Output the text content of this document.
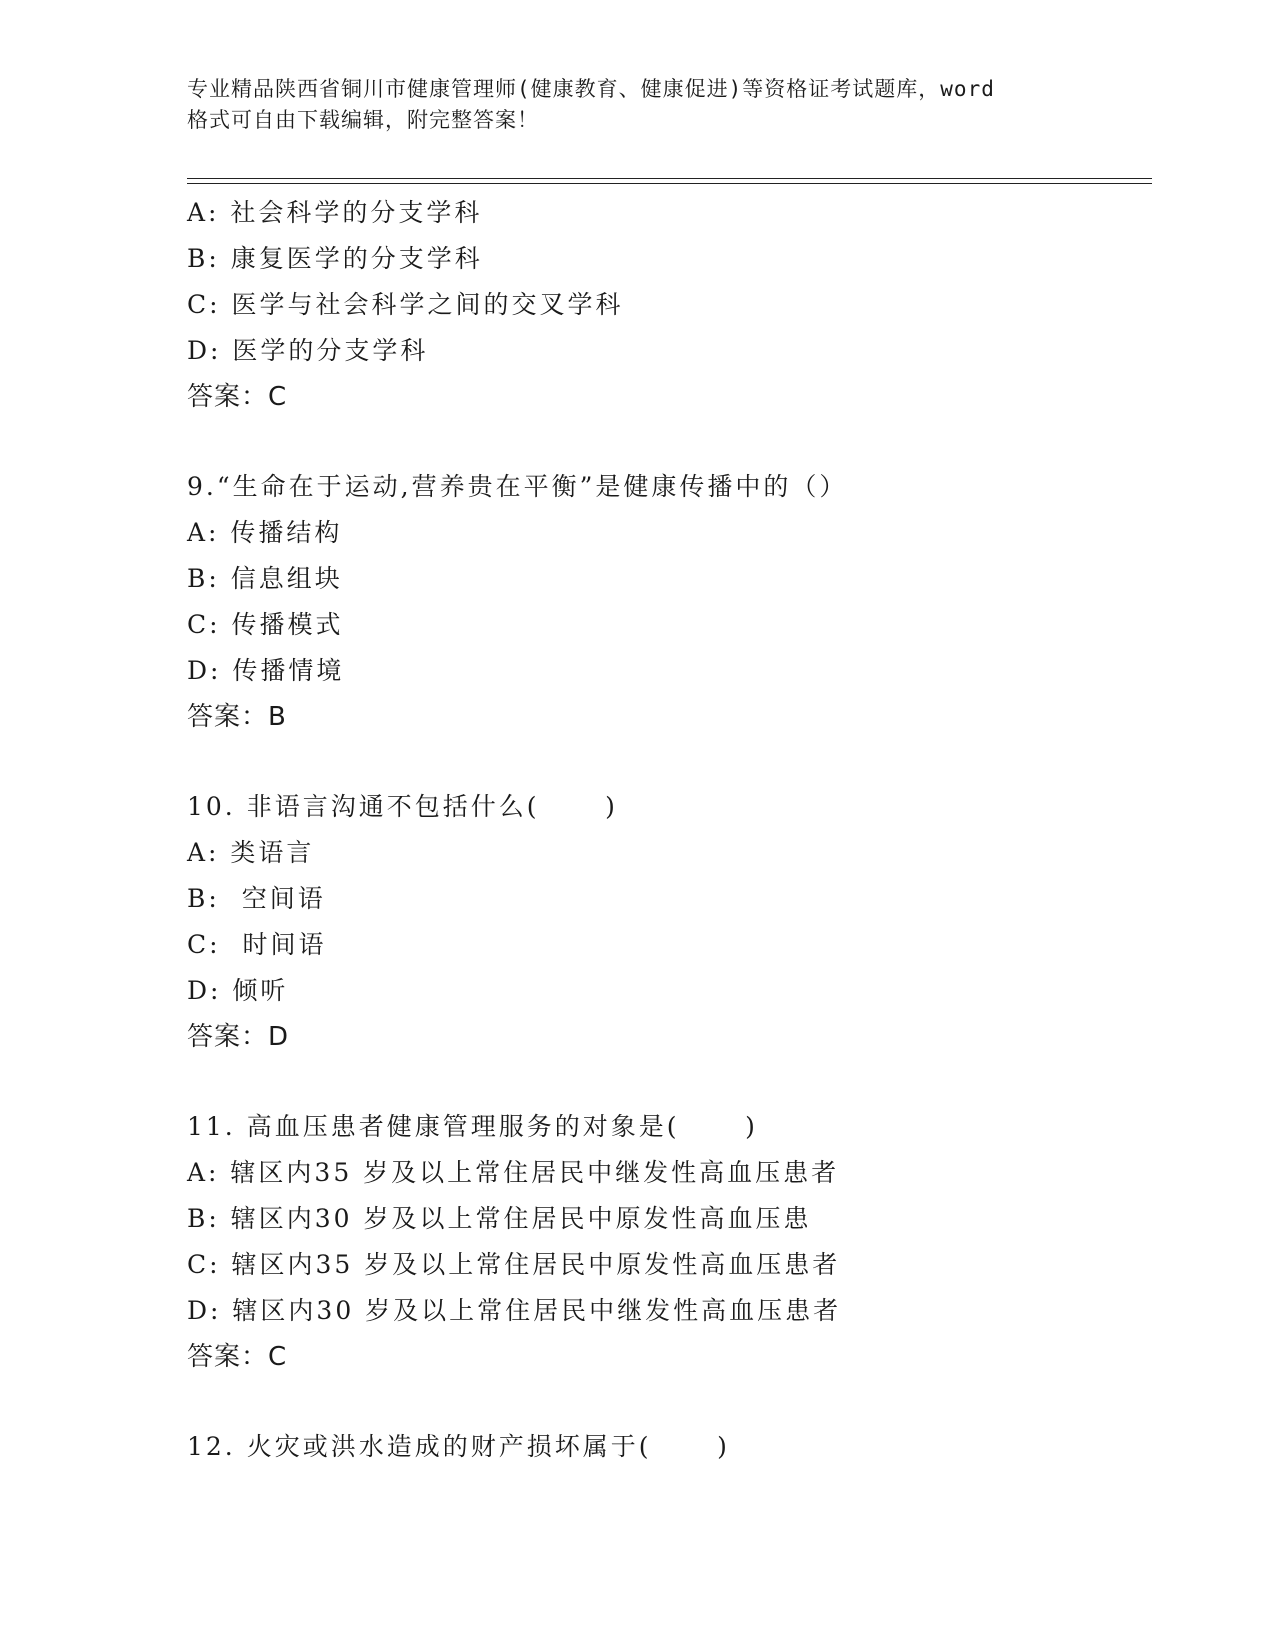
专业精品陕西省铜川市健康管理师(健康教育、健康促进)等资格证考试题库，word
格式可自由下载编辑，附完整答案！
A: 社会科学的分支学科
B: 康复医学的分支学科
C: 医学与社会科学之间的交叉学科
D: 医学的分支学科
答案：C
9.“生命在于运动,营养贵在平衡”是健康传播中的（）
A: 传播结构
B: 信息组块
C: 传播模式
D: 传播情境
答案：B
10. 非语言沟通不包括什么(      )
A: 类语言
B:  空间语
C:  时间语
D: 倾听
答案：D
11. 高血压患者健康管理服务的对象是(      )
A: 辖区内35 岁及以上常住居民中继发性高血压患者
B: 辖区内30 岁及以上常住居民中原发性高血压患
C: 辖区内35 岁及以上常住居民中原发性高血压患者
D: 辖区内30 岁及以上常住居民中继发性高血压患者
答案：C
12. 火灾或洪水造成的财产损坏属于(      )
